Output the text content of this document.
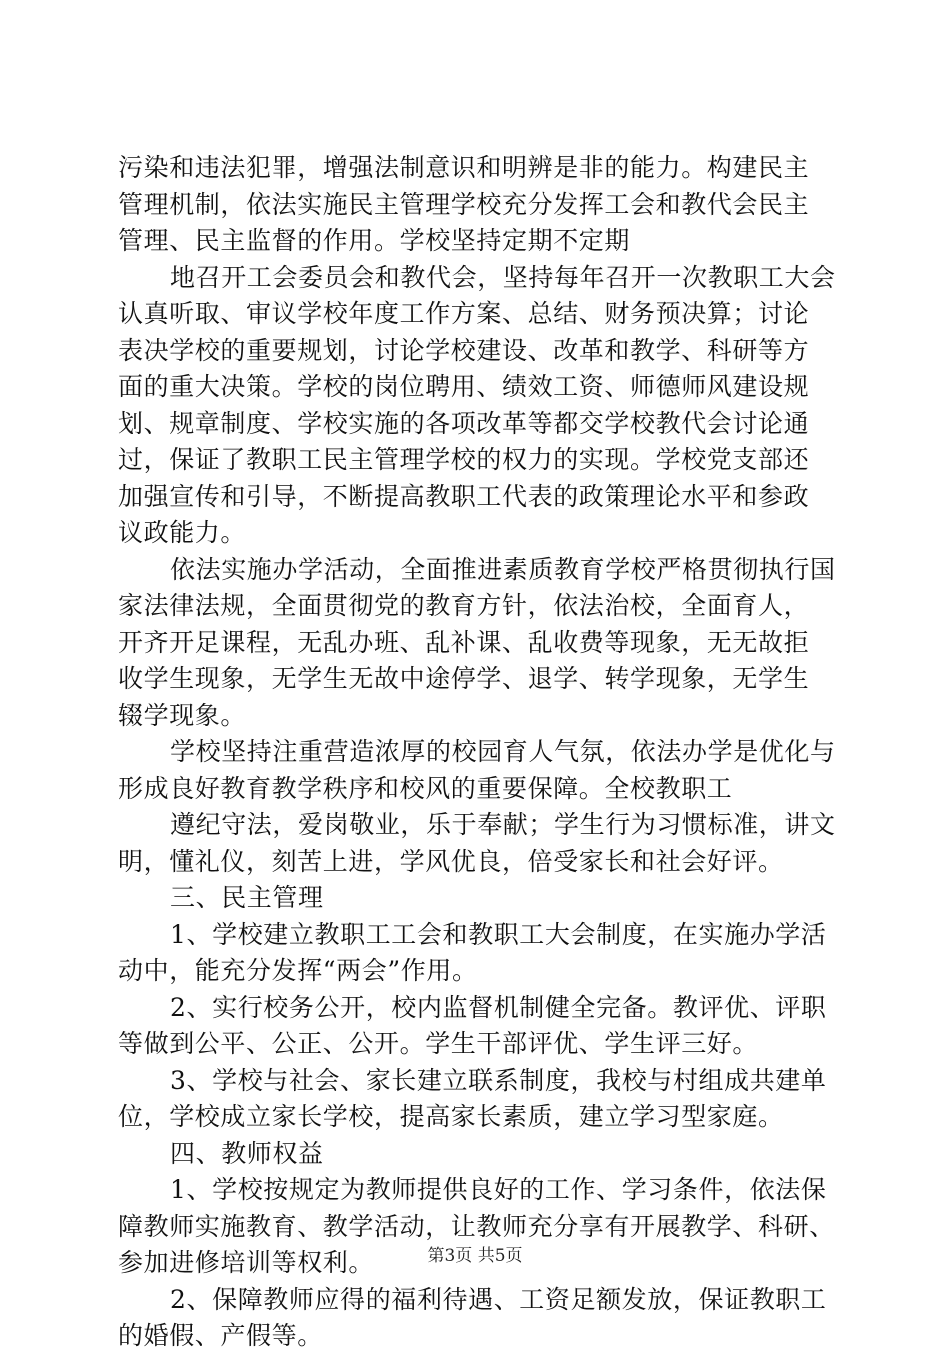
污染和违法犯罪，增强法制意识和明辨是非的能力。构建民主
管理机制，依法实施民主管理学校充分发挥工会和教代会民主
管理、民主监督的作用。学校坚持定期不定期
地召开工会委员会和教代会，坚持每年召开一次教职工大会
认真听取、审议学校年度工作方案、总结、财务预决算；讨论
表决学校的重要规划，讨论学校建设、改革和教学、科研等方
面的重大决策。学校的岗位聘用、绩效工资、师德师风建设规
划、规章制度、学校实施的各项改革等都交学校教代会讨论通
过，保证了教职工民主管理学校的权力的实现。学校党支部还
加强宣传和引导，不断提高教职工代表的政策理论水平和参政
议政能力。
依法实施办学活动，全面推进素质教育学校严格贯彻执行国
家法律法规，全面贯彻党的教育方针，依法治校，全面育人，
开齐开足课程，无乱办班、乱补课、乱收费等现象，无无故拒
收学生现象，无学生无故中途停学、退学、转学现象，无学生
辍学现象。
学校坚持注重营造浓厚的校园育人气氛，依法办学是优化与
形成良好教育教学秩序和校风的重要保障。全校教职工
遵纪守法，爱岗敬业，乐于奉献；学生行为习惯标准，讲文
明，懂礼仪，刻苦上进，学风优良，倍受家长和社会好评。
三、民主管理
1、学校建立教职工工会和教职工大会制度，在实施办学活
动中，能充分发挥“两会”作用。
2、实行校务公开，校内监督机制健全完备。教评优、评职
等做到公平、公正、公开。学生干部评优、学生评三好。
3、学校与社会、家长建立联系制度，我校与村组成共建单
位，学校成立家长学校，提高家长素质，建立学习型家庭。
四、教师权益
1、学校按规定为教师提供良好的工作、学习条件，依法保
障教师实施教育、教学活动，让教师充分享有开展教学、科研、
参加进修培训等权利。
2、保障教师应得的福利待遇、工资足额发放，保证教职工
的婚假、产假等。
第3页 共5页
